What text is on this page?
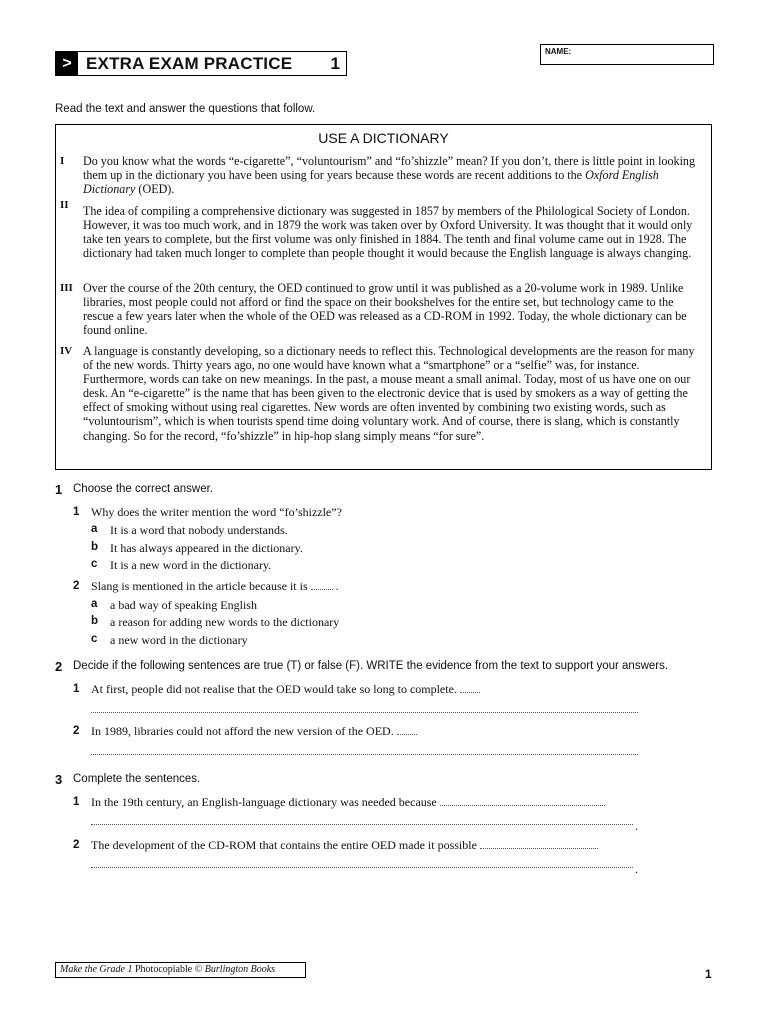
> EXTRA EXAM PRACTICE	1
NAME:
Read the text and answer the questions that follow.
USE A DICTIONARY
I Do you know what the words “e-cigarette”, “voluntourism” and “fo’shizzle” mean? If you don’t, there is little point in looking them up in the dictionary you have been using for years because these words are recent additions to the Oxford English Dictionary (OED).
II The idea of compiling a comprehensive dictionary was suggested in 1857 by members of the Philological Society of London. However, it was too much work, and in 1879 the work was taken over by Oxford University. It was thought that it would only take ten years to complete, but the first volume was only finished in 1884. The tenth and final volume came out in 1928. The dictionary had taken much longer to complete than people thought it would because the English language is always changing.
III Over the course of the 20th century, the OED continued to grow until it was published as a 20-volume work in 1989. Unlike libraries, most people could not afford or find the space on their bookshelves for the entire set, but technology came to the rescue a few years later when the whole of the OED was released as a CD-ROM in 1992. Today, the whole dictionary can be found online.
IV A language is constantly developing, so a dictionary needs to reflect this. Technological developments are the reason for many of the new words. Thirty years ago, no one would have known what a “smartphone” or a “selfie” was, for instance. Furthermore, words can take on new meanings. In the past, a mouse meant a small animal. Today, most of us have one on our desk. An “e-cigarette” is the name that has been given to the electronic device that is used by smokers as a way of getting the effect of smoking without using real cigarettes. New words are often invented by combining two existing words, such as “voluntourism”, which is when tourists spend time doing voluntary work. And of course, there is slang, which is constantly changing. So for the record, “fo’shizzle” in hip-hop slang simply means “for sure”.
1 Choose the correct answer.
1 Why does the writer mention the word “fo’shizzle”?
a It is a word that nobody understands.
b It has always appeared in the dictionary.
c It is a new word in the dictionary.
2 Slang is mentioned in the article because it is  .
a a bad way of speaking English
b a reason for adding new words to the dictionary
c a new word in the dictionary
2 Decide if the following sentences are true (T) or false (F). WRITE the evidence from the text to support your answers.
1 At first, people did not realise that the OED would take so long to complete.
2 In 1989, libraries could not afford the new version of the OED.
3 Complete the sentences.
1 In the 19th century, an English-language dictionary was needed because
.
2 The development of the CD-ROM that contains the entire OED made it possible
.
Make the Grade 1 Photocopiable © Burlington Books	1
